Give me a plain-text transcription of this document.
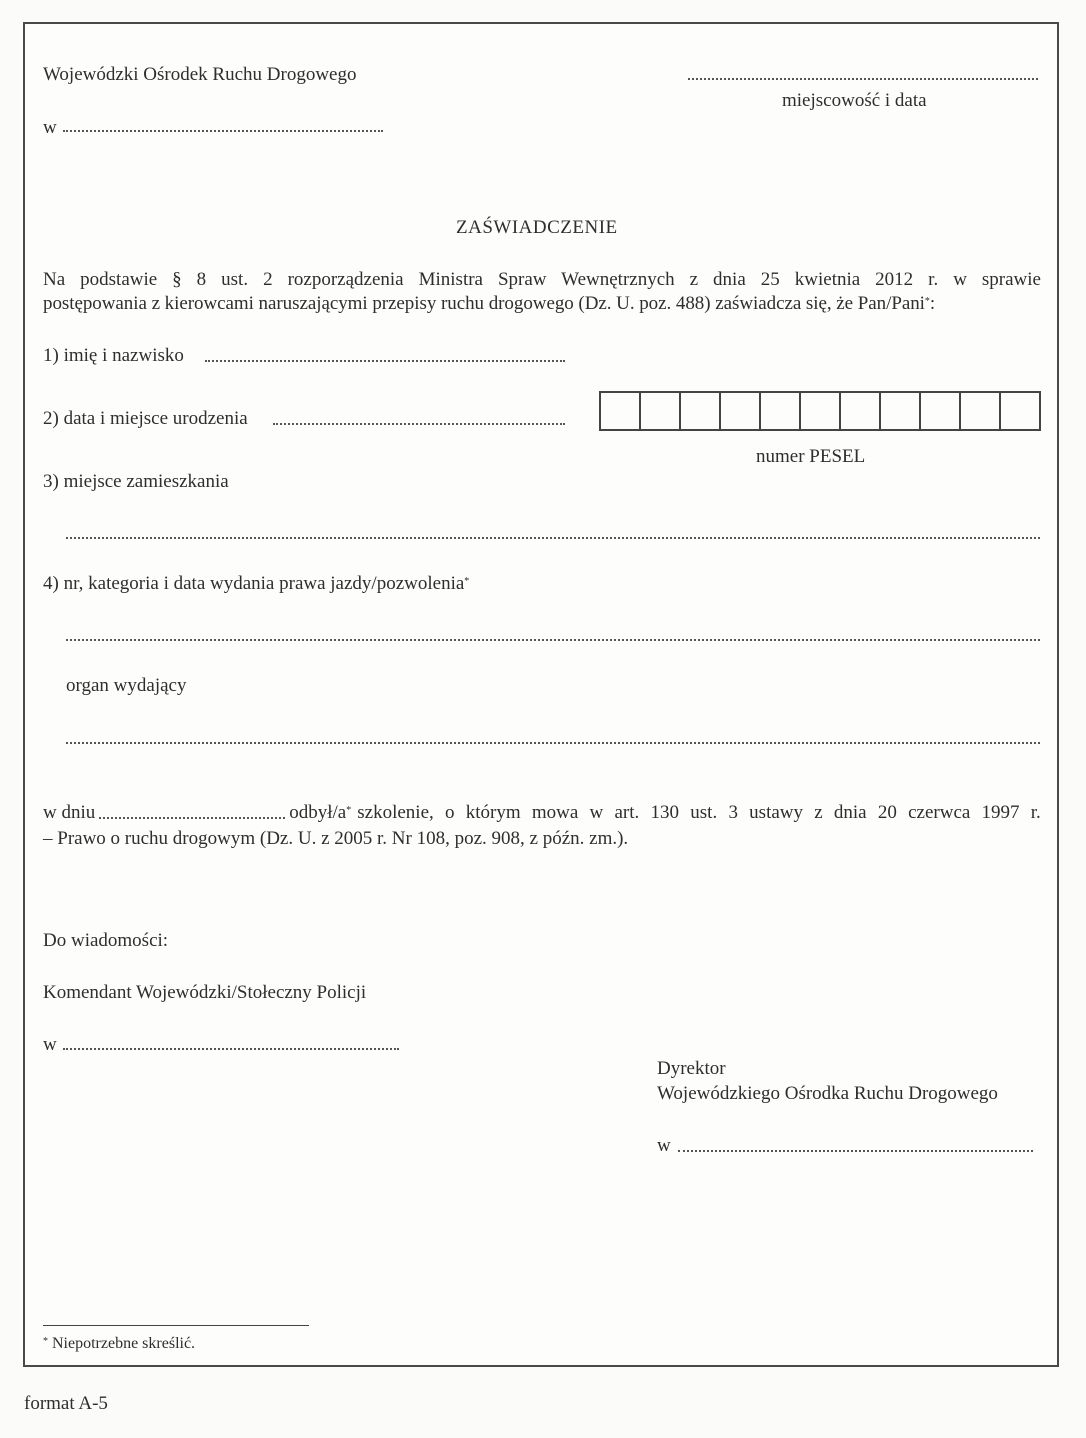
Wojewódzki Ośrodek Ruchu Drogowego
w
miejscowość i data
ZAŚWIADCZENIE
Na podstawie § 8 ust. 2 rozporządzenia Ministra Spraw Wewnętrznych z dnia 25 kwietnia 2012 r. w sprawie
postępowania z kierowcami naruszającymi przepisy ruchu drogowego (Dz. U. poz. 488) zaświadcza się, że Pan/Pani*:
1) imię i nazwisko
2) data i miejsce urodzenia
numer PESEL
3) miejsce zamieszkania
4) nr, kategoria i data wydania prawa jazdy/pozwolenia*
organ wydający
w dniu	odbył/a* szkolenie, o którym mowa w art. 130 ust. 3 ustawy z dnia 20 czerwca 1997 r.
– Prawo o ruchu drogowym (Dz. U. z 2005 r. Nr 108, poz. 908, z późn. zm.).
Do wiadomości:
Komendant Wojewódzki/Stołeczny Policji
w
Dyrektor
Wojewódzkiego Ośrodka Ruchu Drogowego
w
* Niepotrzebne skreślić.
format A-5
